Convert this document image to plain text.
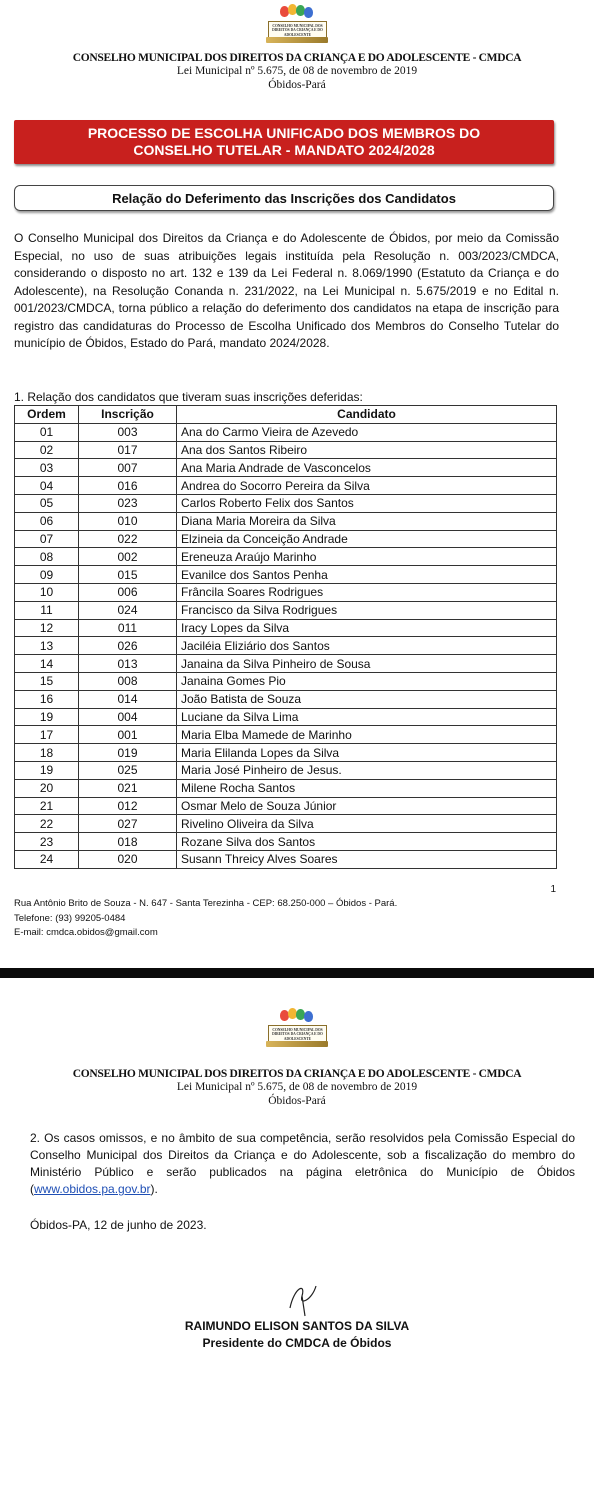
CONSELHO MUNICIPAL DOS
DIREITOS DA CRIANÇA E DO
ADOLESCENTE
CONSELHO MUNICIPAL DOS DIREITOS DA CRIANÇA E DO ADOLESCENTE - CMDCA
Lei Municipal nº 5.675, de 08 de novembro de 2019
Óbidos-Pará
PROCESSO DE ESCOLHA UNIFICADO DOS MEMBROS DO
CONSELHO TUTELAR - MANDATO 2024/2028
Relação do Deferimento das Inscrições dos Candidatos
O Conselho Municipal dos Direitos da Criança e do Adolescente de Óbidos, por meio da Comissão Especial, no uso de suas atribuições legais instituída pela Resolução n. 003/2023/CMDCA, considerando o disposto no art. 132 e 139 da Lei Federal n. 8.069/1990 (Estatuto da Criança e do Adolescente), na Resolução Conanda n. 231/2022, na Lei Municipal n. 5.675/2019 e no Edital n. 001/2023/CMDCA, torna público a relação do deferimento dos candidatos na etapa de inscrição para registro das candidaturas do Processo de Escolha Unificado dos Membros do Conselho Tutelar do município de Óbidos, Estado do Pará, mandato 2024/2028.
1. Relação dos candidatos que tiveram suas inscrições deferidas:
Ordem	Inscrição	Candidato
01	003	Ana do Carmo Vieira de Azevedo
02	017	Ana dos Santos Ribeiro
03	007	Ana Maria Andrade de Vasconcelos
04	016	Andrea do Socorro Pereira da Silva
05	023	Carlos Roberto Felix dos Santos
06	010	Diana Maria Moreira da Silva
07	022	Elzineia da Conceição Andrade
08	002	Ereneuza Araújo Marinho
09	015	Evanilce dos Santos Penha
10	006	Frâncila Soares Rodrigues
11	024	Francisco da Silva Rodrigues
12	011	Iracy Lopes da Silva
13	026	Jaciléia Eliziário dos Santos
14	013	Janaina da Silva Pinheiro de Sousa
15	008	Janaina Gomes Pio
16	014	João Batista de Souza
19	004	Luciane da Silva Lima
17	001	Maria Elba Mamede de Marinho
18	019	Maria Elilanda Lopes da Silva
19	025	Maria José Pinheiro de Jesus.
20	021	Milene Rocha Santos
21	012	Osmar Melo de Souza Júnior
22	027	Rivelino Oliveira da Silva
23	018	Rozane Silva dos Santos
24	020	Susann Threicy Alves Soares
1
Rua Antônio Brito de Souza - N. 647 - Santa Terezinha - CEP: 68.250-000 – Óbidos - Pará.
Telefone: (93) 99205-0484
E-mail: cmdca.obidos@gmail.com
CONSELHO MUNICIPAL DOS
DIREITOS DA CRIANÇA E DO
ADOLESCENTE
CONSELHO MUNICIPAL DOS DIREITOS DA CRIANÇA E DO ADOLESCENTE - CMDCA
Lei Municipal nº 5.675, de 08 de novembro de 2019
Óbidos-Pará
2. Os casos omissos, e no âmbito de sua competência, serão resolvidos pela Comissão Especial do Conselho Municipal dos Direitos da Criança e do Adolescente, sob a fiscalização do membro do Ministério Público e serão publicados na página eletrônica do Município de Óbidos (www.obidos.pa.gov.br).
Óbidos-PA, 12 de junho de 2023.
RAIMUNDO ELISON SANTOS DA SILVA
Presidente do CMDCA de Óbidos
